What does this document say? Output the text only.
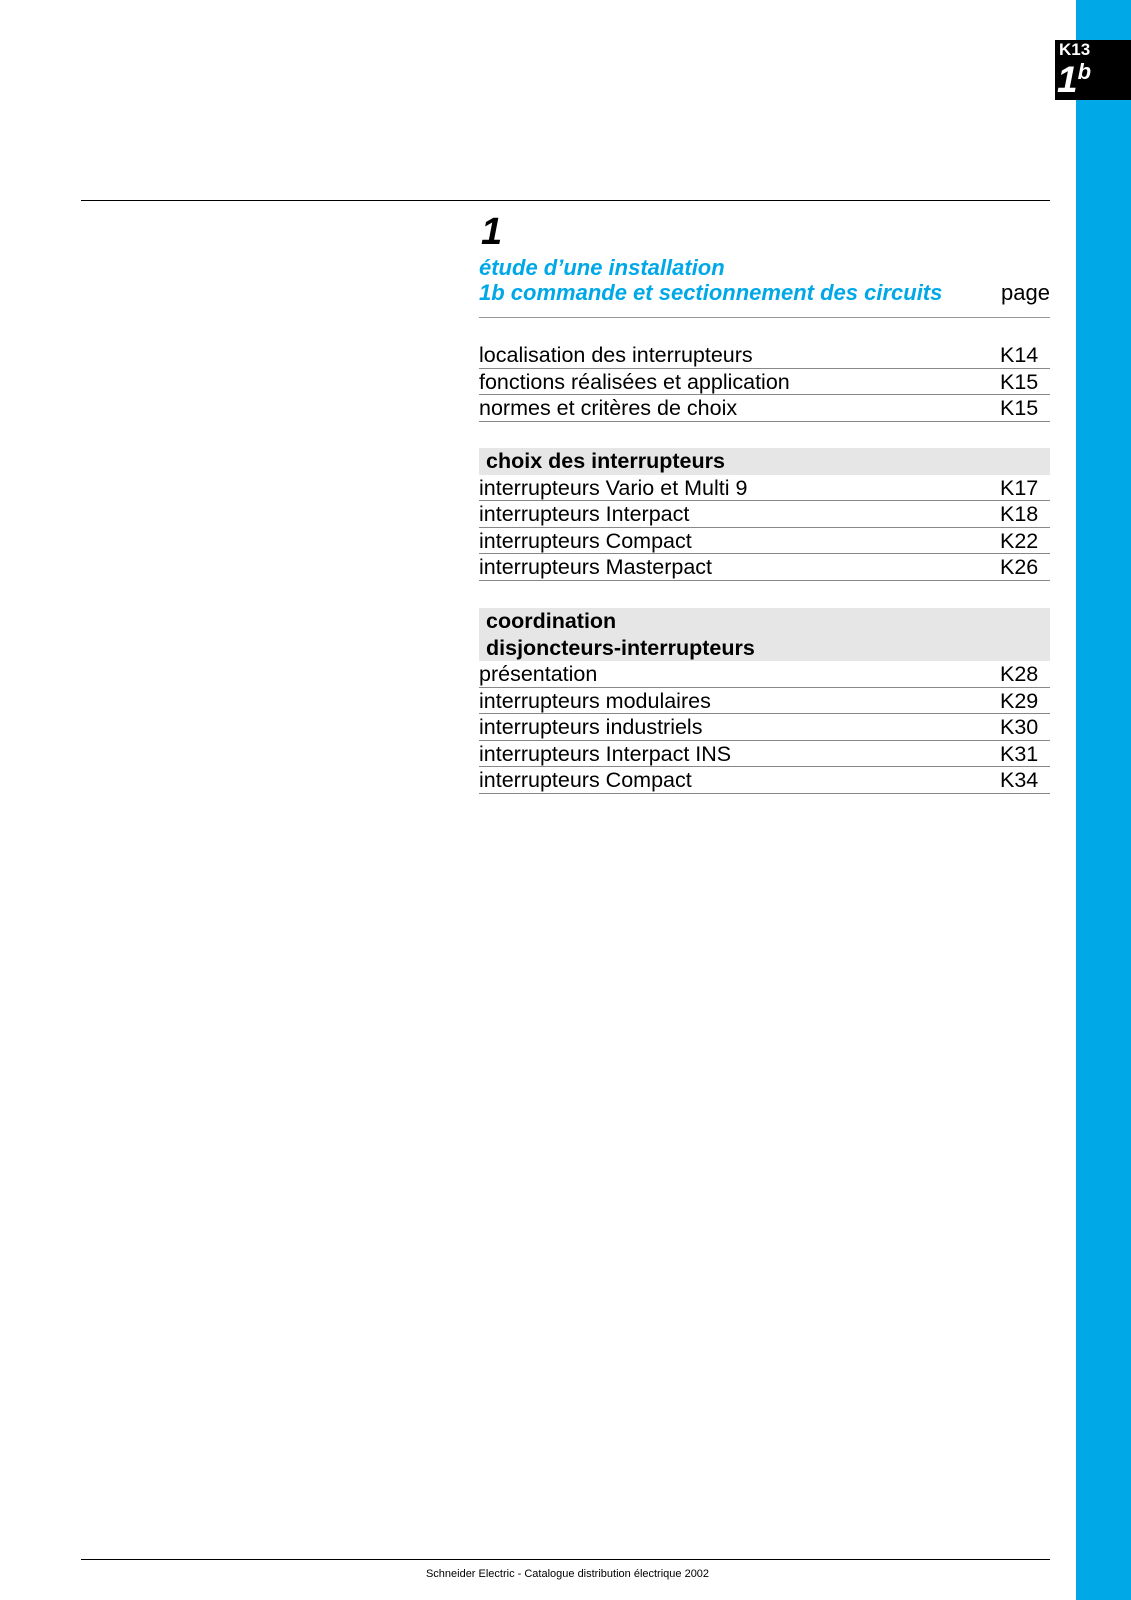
K13
1$^b$
1
étude d’une installation
1b commande et sectionnement des circuits	page
localisation des interrupteurs	K14
fonctions réalisées et application	K15
normes et critères de choix	K15
choix des interrupteurs
interrupteurs Vario et Multi 9	K17
interrupteurs Interpact	K18
interrupteurs Compact	K22
interrupteurs Masterpact	K26
coordination
disjoncteurs-interrupteurs
présentation	K28
interrupteurs modulaires	K29
interrupteurs industriels	K30
interrupteurs Interpact INS	K31
interrupteurs Compact	K34
Schneider Electric - Catalogue distribution électrique 2002
